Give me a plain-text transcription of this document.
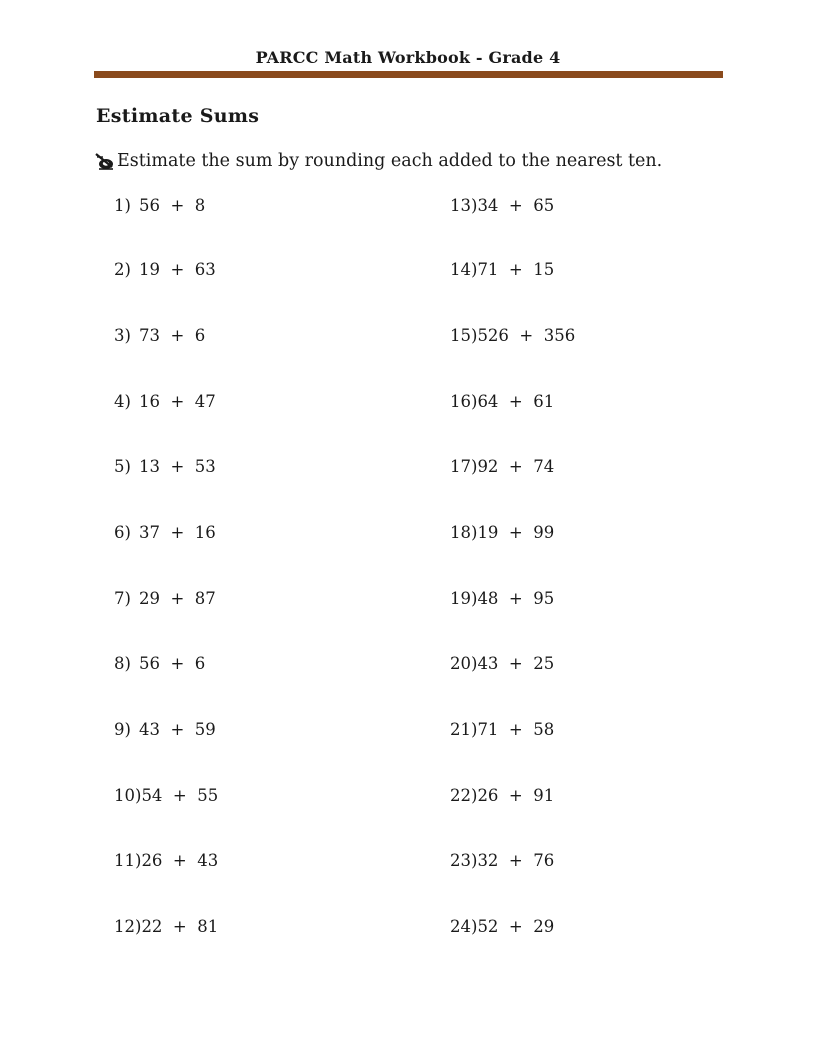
PARCC Math Workbook - Grade 4
Estimate Sums
Estimate the sum by rounding each added to the nearest ten.
1) 56  +  8
2) 19  +  63
3) 73  +  6
4) 16  +  47
5) 13  +  53
6) 37  +  16
7) 29  +  87
8) 56  +  6
9) 43  +  59
10)54  +  55
11)26  +  43
12)22  +  81
13)34  +  65
14)71  +  15
15)526  +  356
16)64  +  61
17)92  +  74
18)19  +  99
19)48  +  95
20)43  +  25
21)71  +  58
22)26  +  91
23)32  +  76
24)52  +  29
